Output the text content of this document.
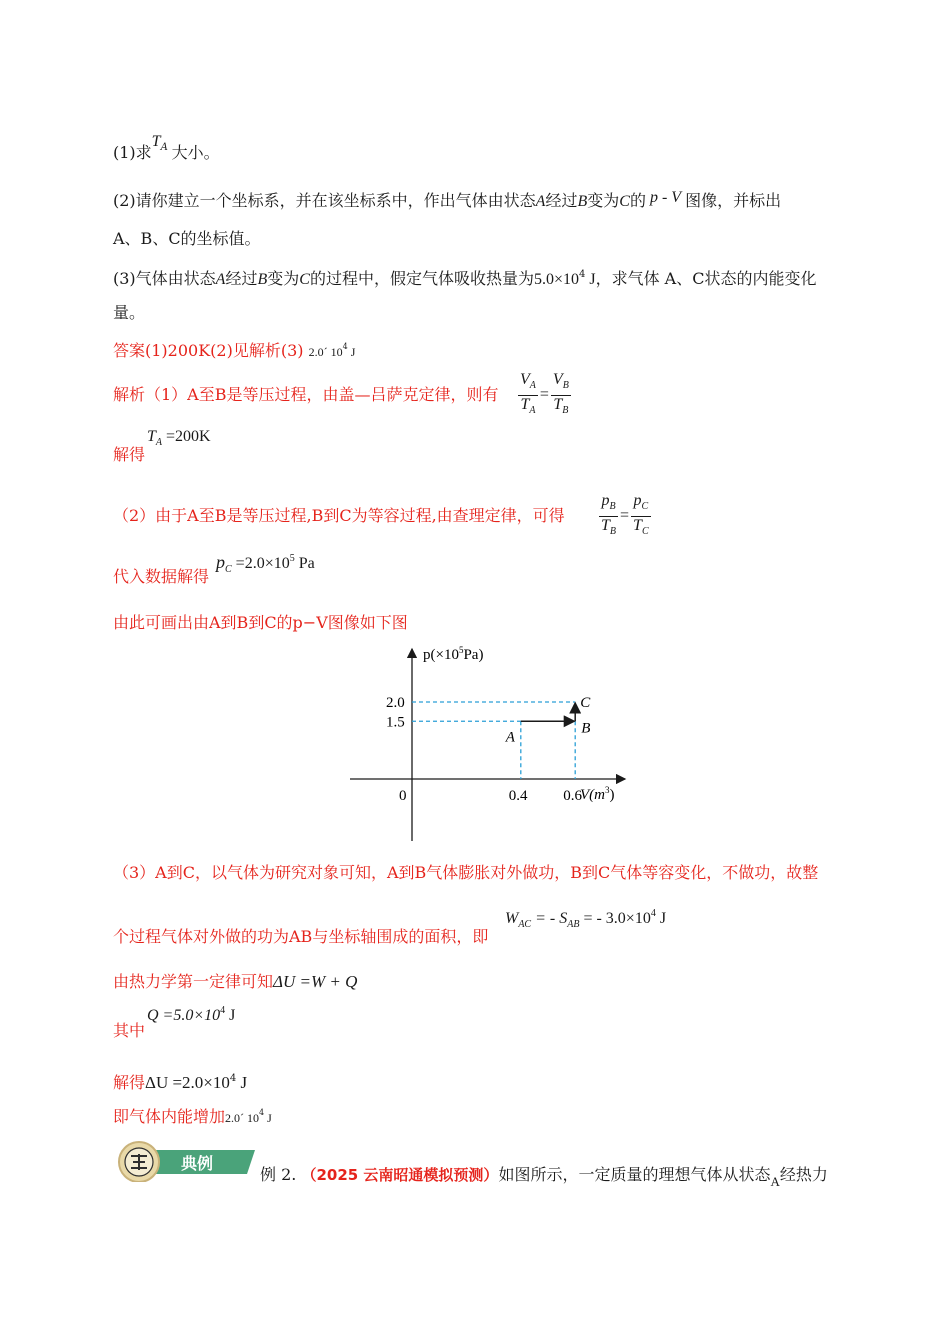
(1)求$T_A$ 大小。
(2)请你建立一个坐标系，并在该坐标系中，作出气体由状态A经过B变为C的 p - V 图像，并标出
A、B、C的坐标值。
(3)气体由状态A经过B变为C的过程中，假定气体吸收热量为$5.0\times 10^4$ J，求气体 A、C状态的内能变化
量。
答案(1)200K(2)见解析(3) 2.0´ $10^4$ J
解析（1）A至B是等压过程，由盖—吕萨克定律，则有 $\frac{V_A}{T_A} = \frac{V_B}{T_B}$
$T_A =200K$
解得
（2）由于A至B是等压过程,B到C为等容过程,由查理定律，可得 $\frac{p_B}{T_B} = \frac{p_C}{T_C}$
代入数据解得
$p_C =2.0\times 10^5$ Pa
由此可画出由A到B到C的p−V图像如下图
A
B
C
0.4 0.6
1.5
2.0
$p(\times 10^5Pa)$
$V(m^3)$
0
（3）A到C，以气体为研究对象可知，A到B气体膨胀对外做功，B到C气体等容变化，不做功，故整
个过程气体对外做的功为AB与坐标轴围成的面积，即
$W_{AC}$ = - $S_{AB}$ = - $3.0\times 10^4$ J
由热力学第一定律可知ΔU =W + Q
$Q =5.0\times 10^4$ J
其中
解得$\Delta U =2.0\times 10^4$ J
即气体内能增加2.0´ $10^4$ J
典例
例 2. （2025 云南昭通模拟预测）如图所示，一定质量的理想气体从状态$_A$经热力
